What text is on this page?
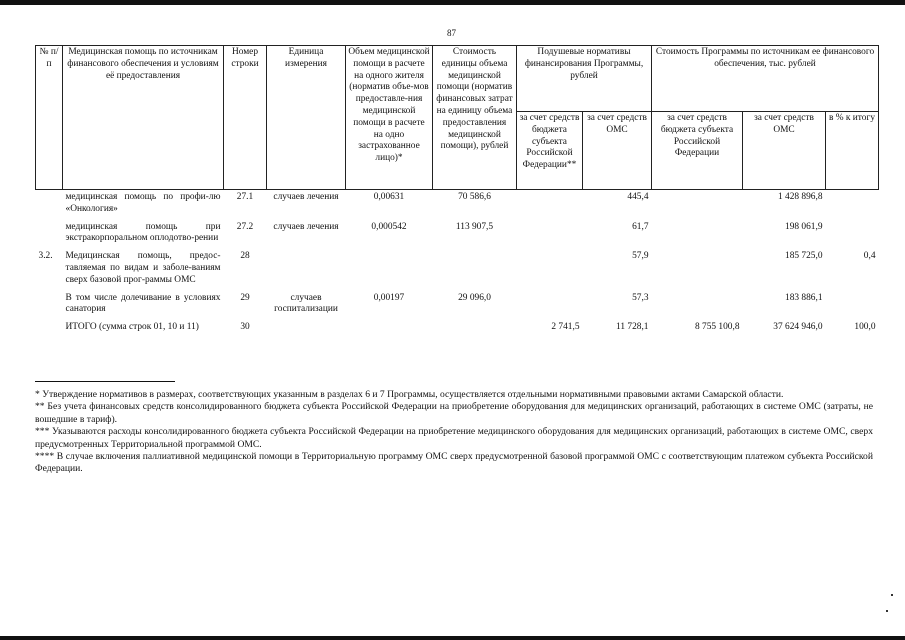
87
№ п/п	Медицинская помощь по источникам финансового обеспечения и условиям её предоставления	Номер строки	Единица измерения	Объем медицинской помощи в расчете на одного жителя (норматив объе-мов предоставле-ния медицинской помощи в расчете на одно застрахованное лицо)*	Стоимость единицы объема медицинской помощи (норматив финансовых затрат на единицу объема предоставления медицинской помощи), рублей	Подушевые нормативы финансирования Программы, рублей		Стоимость Программы по источникам ее финансового обеспечения, тыс. рублей		
						за счет средств бюджета субъекта Российской Федерации**	за счет средств ОМС	за счет средств бюджета субъекта Российской Федерации	за счет средств ОМС	в % к итогу
	медицинская помощь по профи-лю «Онкология»	27.1	случаев лечения	0,00631	70 586,6		445,4		1 428 896,8	
	медицинская помощь при экстракорпоральном оплодотво-рении	27.2	случаев лечения	0,000542	113 907,5		61,7		198 061,9	
3.2.	Медицинская помощь, предос-тавляемая по видам и заболе-ваниям сверх базовой прог-раммы ОМС	28					57,9		185 725,0	0,4
	В том числе долечивание в условиях санатория	29	случаев госпитализации	0,00197	29 096,0		57,3		183 886,1	
	ИТОГО (сумма строк 01, 10 и 11)	30				2 741,5	11 728,1	8 755 100,8	37 624 946,0	100,0

* Утверждение нормативов в размерах, соответствующих указанным в разделах 6 и 7 Программы, осуществляется отдельными нормативными правовыми актами Самарской области.

** Без учета финансовых средств консолидированного бюджета субъекта Российской Федерации на приобретение оборудования для медицинских организаций, работающих в системе ОМС (затраты, не вошедшие в тариф).

*** Указываются расходы консолидированного бюджета субъекта Российской Федерации на приобретение медицинского оборудования для медицинских организаций, работающих в системе ОМС, сверх предусмотренных Территориальной программой ОМС.

**** В случае включения паллиативной медицинской помощи в Территориальную программу ОМС сверх предусмотренной базовой программой ОМС с соответствующим платежом субъекта Российской Федерации.
